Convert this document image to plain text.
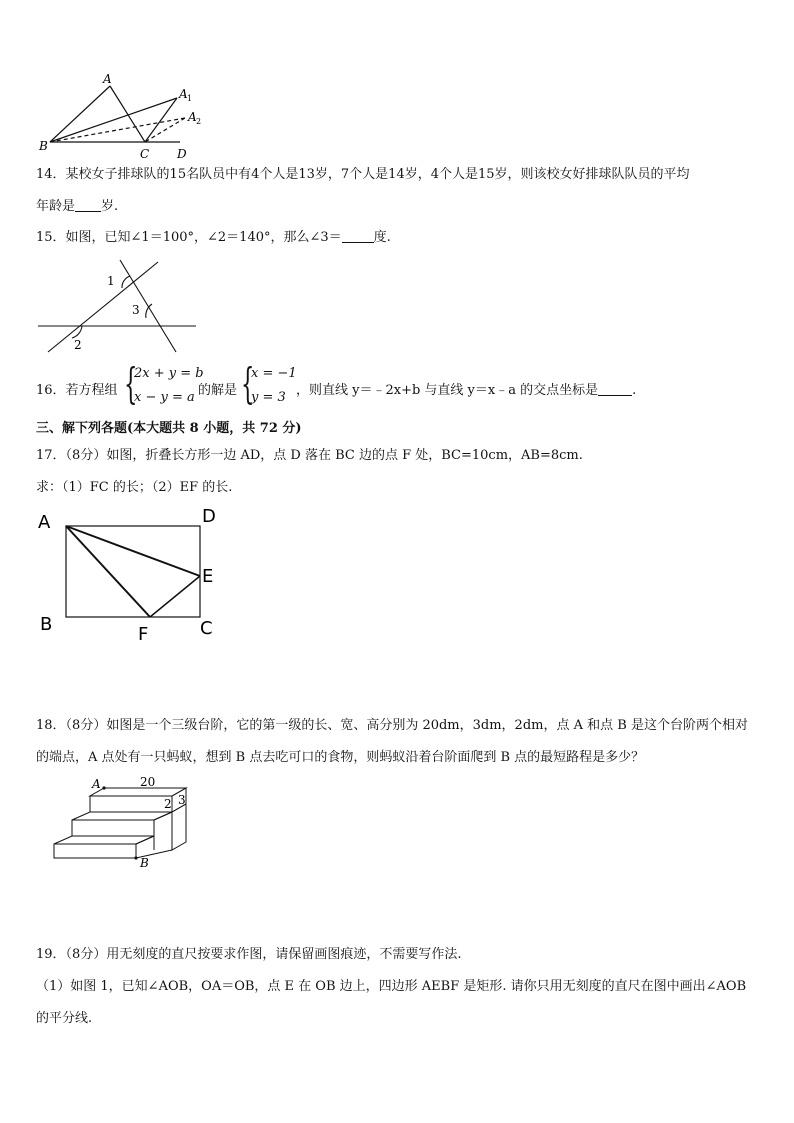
A
A 1
A 2
B
C D
14．某校女子排球队的15名队员中有4个人是13岁，7个人是14岁，4个人是15岁，则该校女好排球队队员的平均
年龄是 岁.
15．如图，已知∠1＝100°，∠2＝140°，那么∠3＝ 度.
1
2
3
16．若方程组 {
2x + y = b
x − y = a 的解是 {
x = −1
y = 3 ，则直线 y＝﹣2x+b 与直线 y＝x﹣a 的交点坐标是	.
三、解下列各题(本大题共 8 小题，共 72 分)
17．（8分）如图，折叠长方形一边 AD，点 D 落在 BC 边的点 F 处，BC=10cm，AB=8cm.
求：（1）FC 的长；（2）EF 的长.
A	D
E
B	F	C
18．（8分）如图是一个三级台阶，它的第一级的长、宽、高分别为 20dm，3dm，2dm，点 A 和点 B 是这个台阶两个相对
的端点，A 点处有一只蚂蚁，想到 B 点去吃可口的食物，则蚂蚁沿着台阶面爬到 B 点的最短路程是多少？
A
B
20
2 3
19．（8分）用无刻度的直尺按要求作图，请保留画图痕迹，不需要写作法.
（1）如图 1，已知∠AOB，OA＝OB，点 E 在 OB 边上，四边形 AEBF 是矩形. 请你只用无刻度的直尺在图中画出∠AOB
的平分线.
